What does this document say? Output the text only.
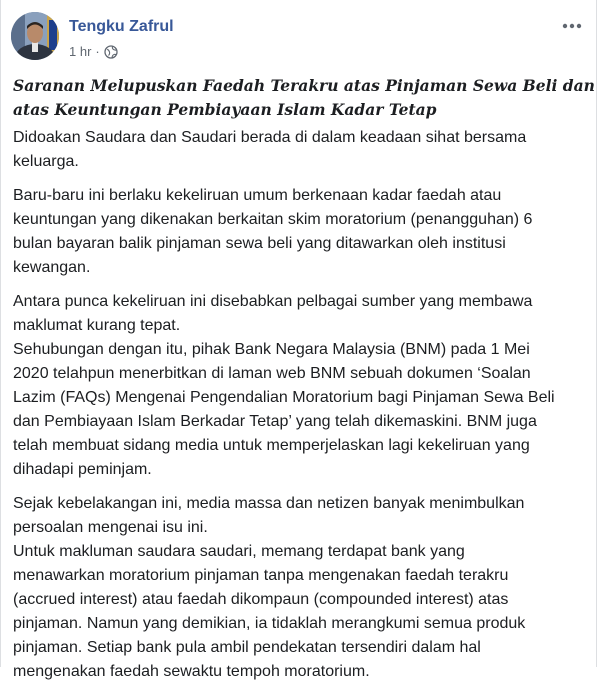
Tengku Zafrul
1 hr ·
Saranan Melupuskan Faedah Terakru atas Pinjaman Sewa Beli dan
atas Keuntungan Pembiayaan Islam Kadar Tetap
Didoakan Saudara dan Saudari berada di dalam keadaan sihat bersama
keluarga.
Baru-baru ini berlaku kekeliruan umum berkenaan kadar faedah atau
keuntungan yang dikenakan berkaitan skim moratorium (penangguhan) 6
bulan bayaran balik pinjaman sewa beli yang ditawarkan oleh institusi
kewangan.
Antara punca kekeliruan ini disebabkan pelbagai sumber yang membawa
maklumat kurang tepat.
Sehubungan dengan itu, pihak Bank Negara Malaysia (BNM) pada 1 Mei
2020 telahpun menerbitkan di laman web BNM sebuah dokumen ‘Soalan
Lazim (FAQs) Mengenai Pengendalian Moratorium bagi Pinjaman Sewa Beli
dan Pembiayaan Islam Berkadar Tetap’ yang telah dikemaskini. BNM juga
telah membuat sidang media untuk memperjelaskan lagi kekeliruan yang
dihadapi peminjam.
Sejak kebelakangan ini, media massa dan netizen banyak menimbulkan
persoalan mengenai isu ini.
Untuk makluman saudara saudari, memang terdapat bank yang
menawarkan moratorium pinjaman tanpa mengenakan faedah terakru
(accrued interest) atau faedah dikompaun (compounded interest) atas
pinjaman. Namun yang demikian, ia tidaklah merangkumi semua produk
pinjaman. Setiap bank pula ambil pendekatan tersendiri dalam hal
mengenakan faedah sewaktu tempoh moratorium.
